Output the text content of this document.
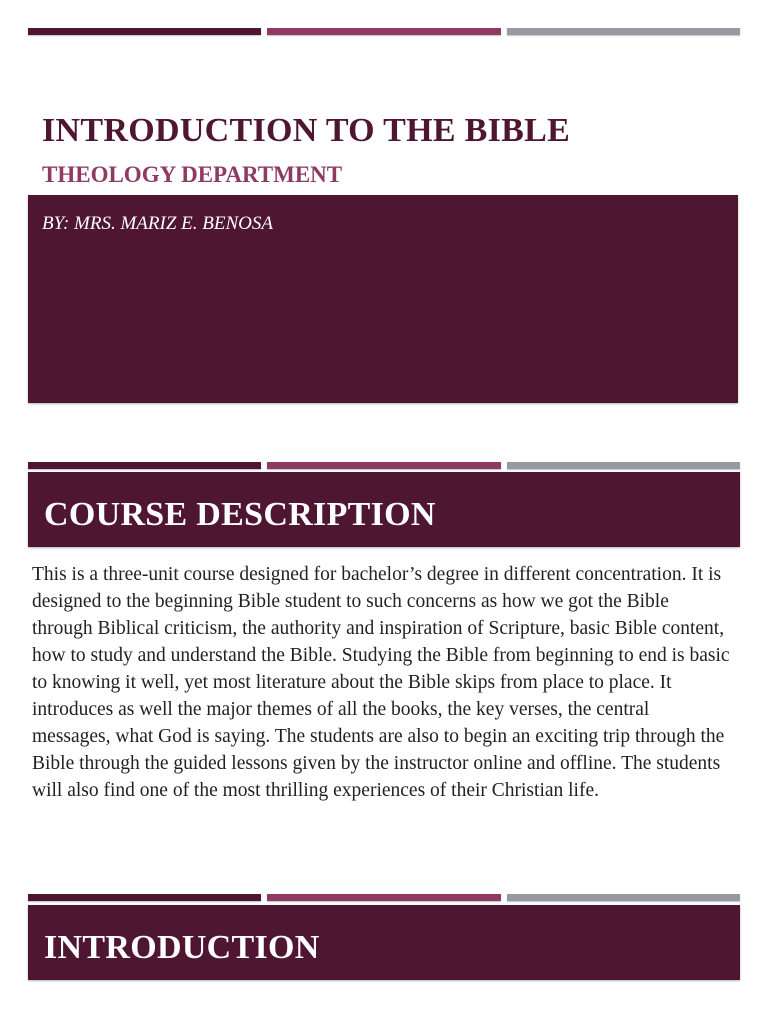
INTRODUCTION TO THE BIBLE
THEOLOGY DEPARTMENT

BY: MRS. MARIZ E. BENOSA

COURSE DESCRIPTION

This is a three-unit course designed for bachelor’s degree in different concentration. It is designed to the beginning Bible student to such concerns as how we got the Bible through Biblical criticism, the authority and inspiration of Scripture, basic Bible content, how to study and understand the Bible. Studying the Bible from beginning to end is basic to knowing it well, yet most literature about the Bible skips from place to place. It introduces as well the major themes of all the books, the key verses, the central messages, what God is saying. The students are also to begin an exciting trip through the Bible through the guided lessons given by the instructor online and offline. The students will also find one of the most thrilling experiences of their Christian life.

INTRODUCTION
